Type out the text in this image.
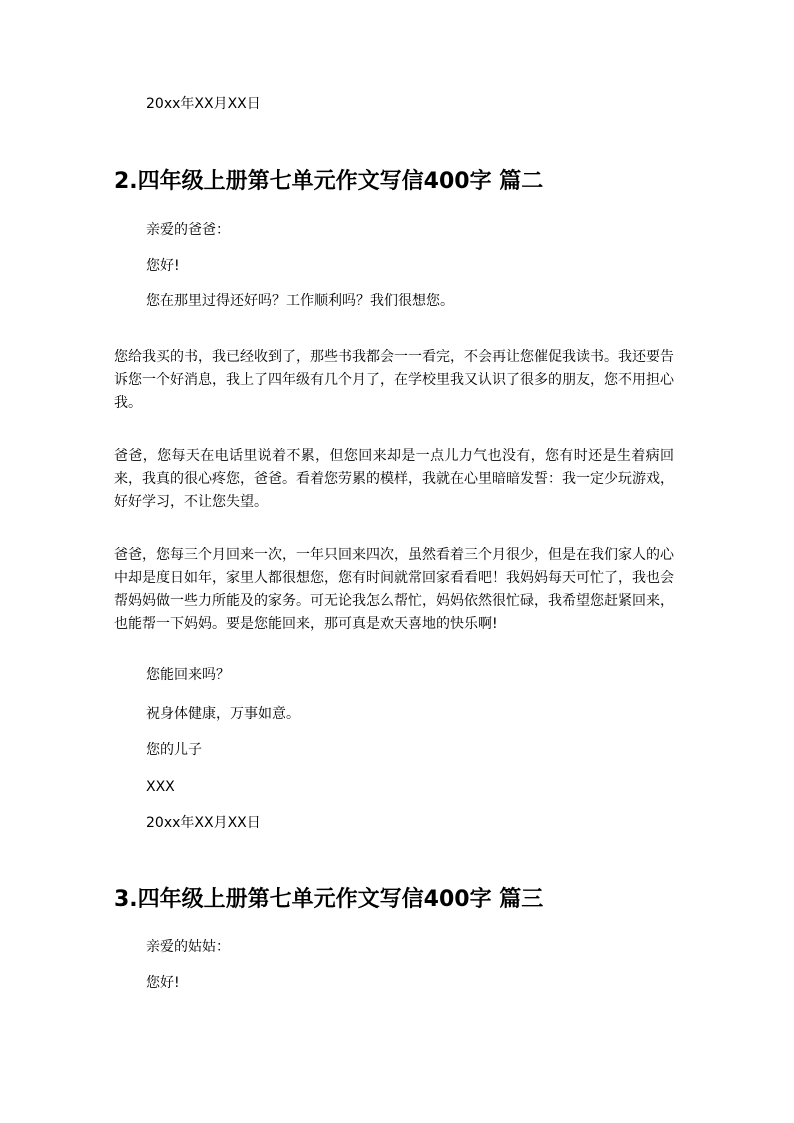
20xx年XX月XX日
2.四年级上册第七单元作文写信400字 篇二
亲爱的爸爸：
您好!
您在那里过得还好吗？工作顺利吗？我们很想您。
您给我买的书，我已经收到了，那些书我都会一一看完，不会再让您催促我读书。我还要告诉您一个好消息，我上了四年级有几个月了，在学校里我又认识了很多的朋友，您不用担心我。
爸爸，您每天在电话里说着不累，但您回来却是一点儿力气也没有，您有时还是生着病回来，我真的很心疼您，爸爸。看着您劳累的模样，我就在心里暗暗发誓：我一定少玩游戏，好好学习，不让您失望。
爸爸，您每三个月回来一次，一年只回来四次，虽然看着三个月很少，但是在我们家人的心中却是度日如年，家里人都很想您，您有时间就常回家看看吧！我妈妈每天可忙了，我也会帮妈妈做一些力所能及的家务。可无论我怎么帮忙，妈妈依然很忙碌，我希望您赶紧回来，也能帮一下妈妈。要是您能回来，那可真是欢天喜地的快乐啊!
您能回来吗？
祝身体健康，万事如意。
您的儿子
XXX
20xx年XX月XX日
3.四年级上册第七单元作文写信400字 篇三
亲爱的姑姑：
您好!
